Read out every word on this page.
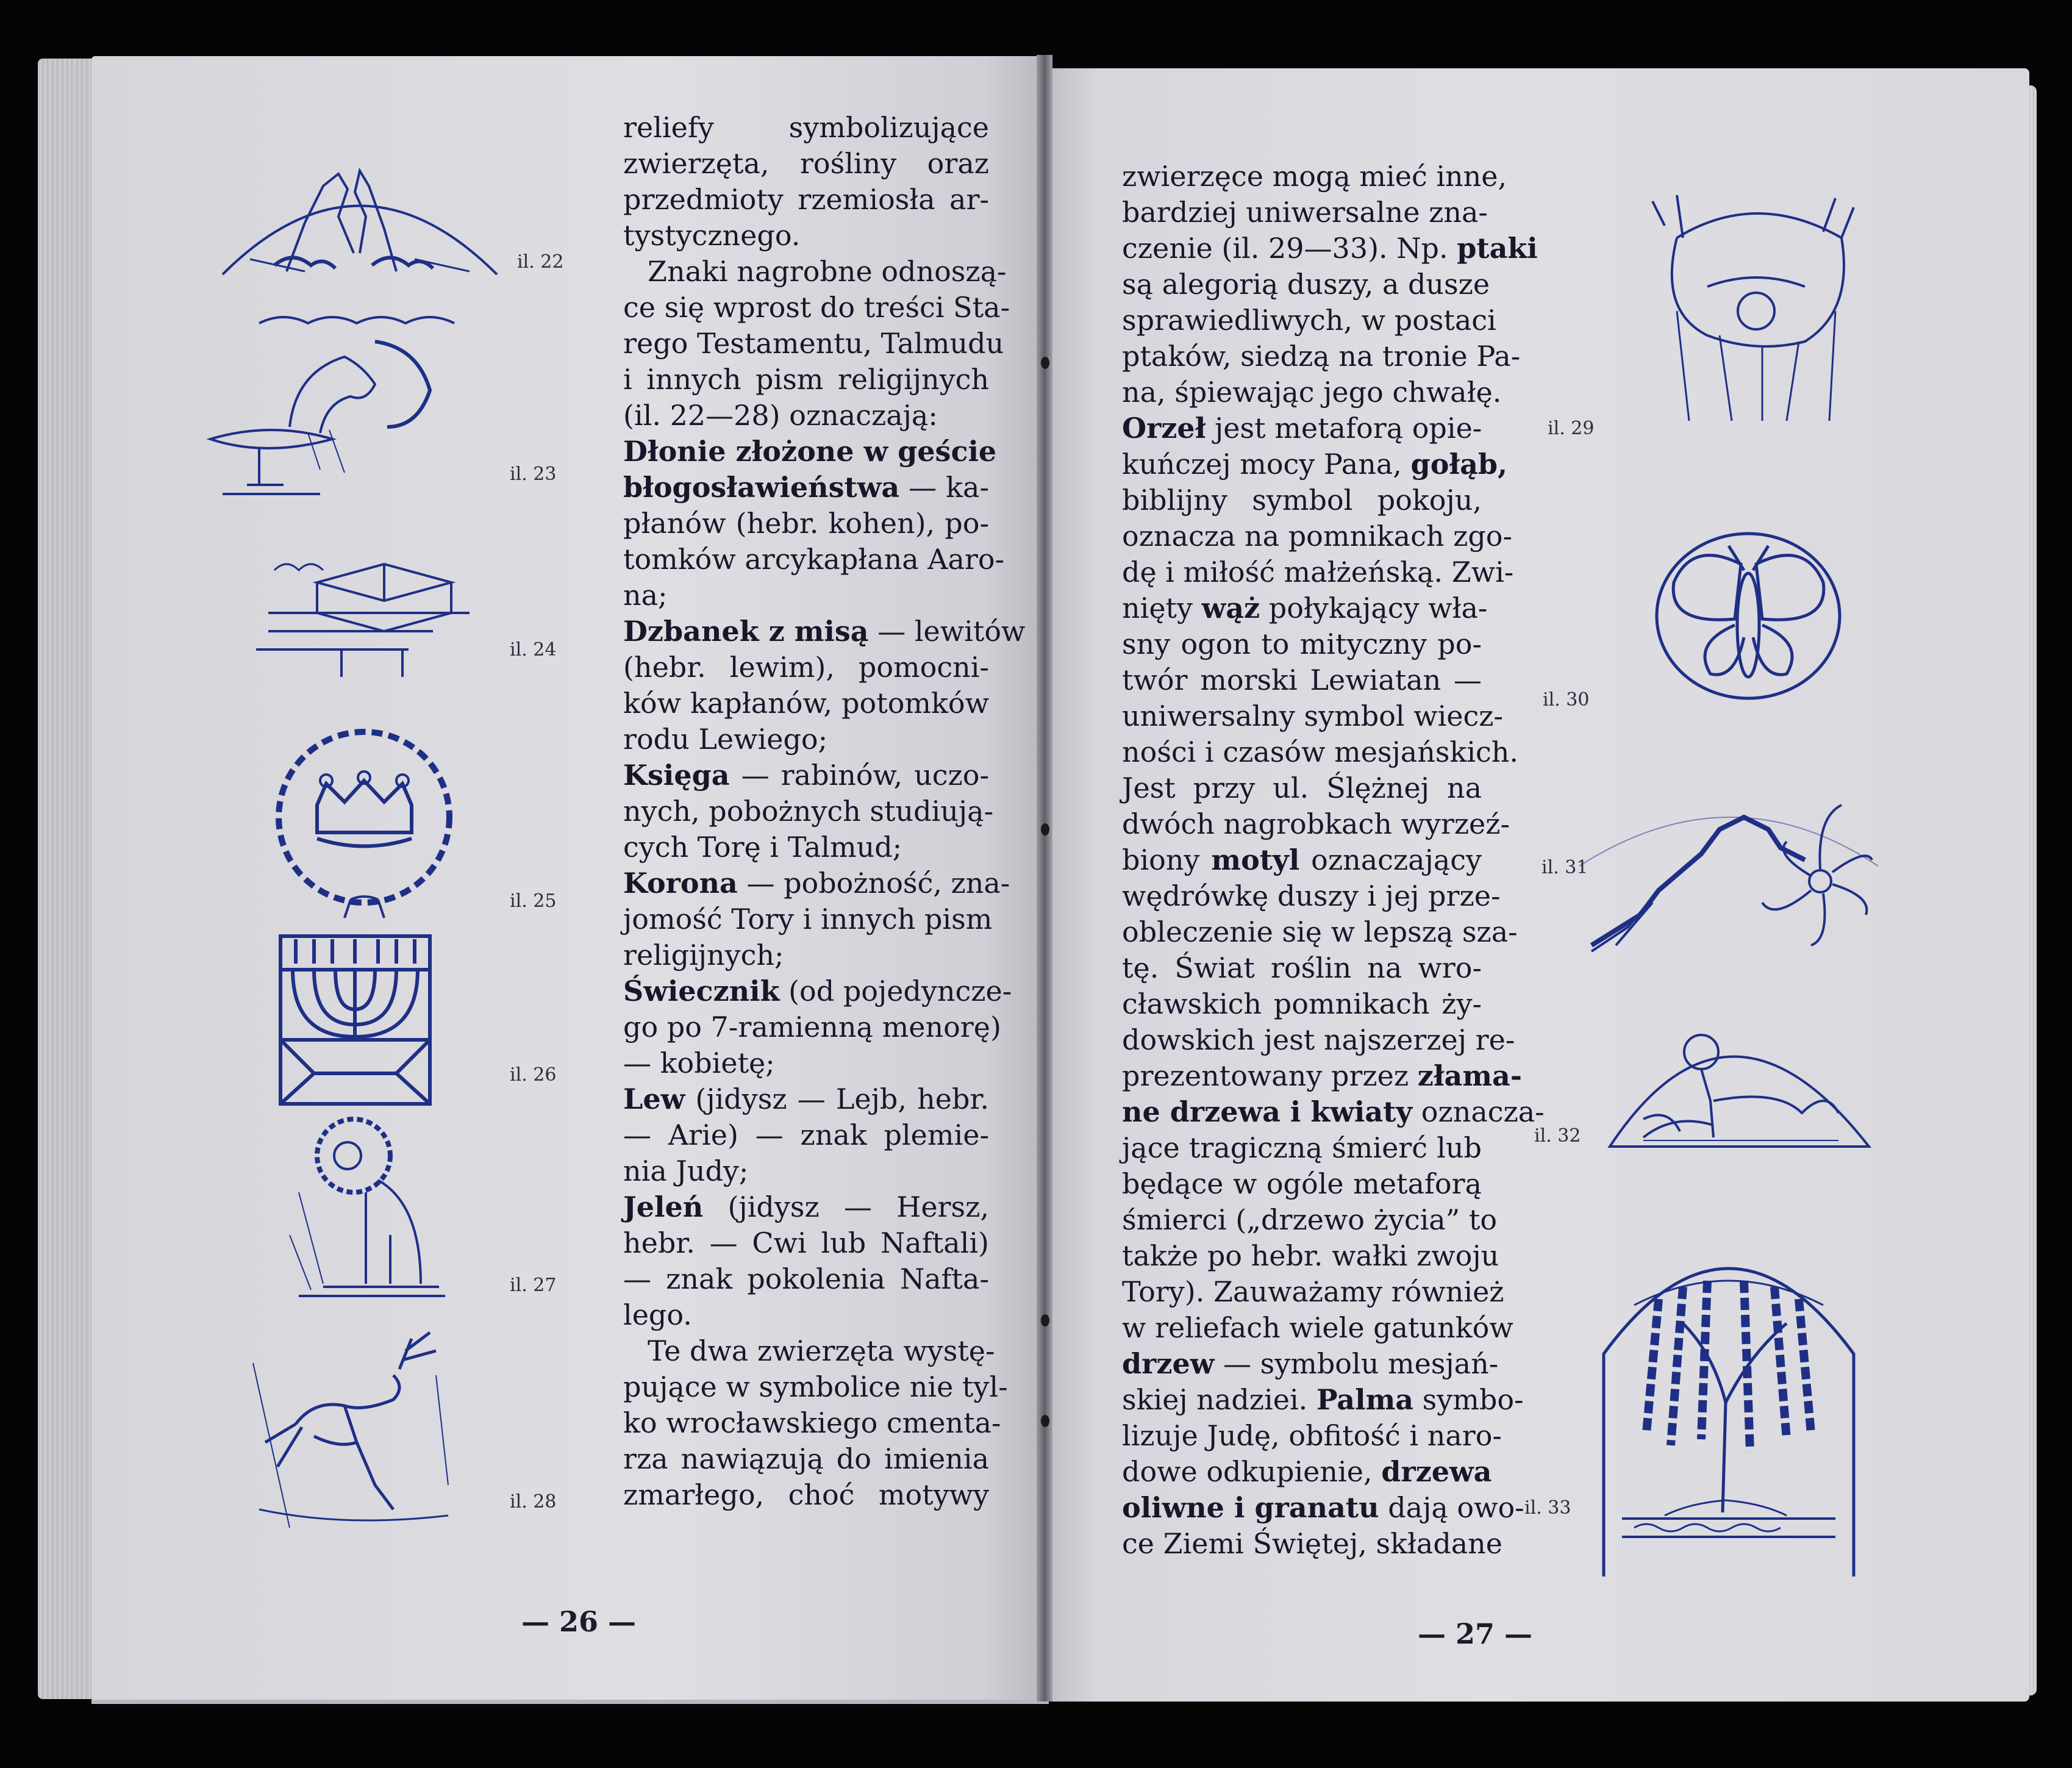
il. 22
il. 23
il. 24
il. 25
il. 26
il. 27
il. 28
reliefy symbolizujące
zwierzęta, rośliny oraz
przedmioty rzemiosła ar-
tystycznego.
Znaki nagrobne odnoszą-
ce się wprost do treści Sta-
rego Testamentu, Talmudu
i innych pism religijnych
(il. 22—28) oznaczają:
Dłonie złożone w geście
błogosławieństwa — ka-
płanów (hebr. kohen), po-
tomków arcykapłana Aaro-
na;
Dzbanek z misą — lewitów
(hebr. lewim), pomocni-
ków kapłanów, potomków
rodu Lewiego;
Księga — rabinów, uczo-
nych, pobożnych studiują-
cych Torę i Talmud;
Korona — pobożność, zna-
jomość Tory i innych pism
religijnych;
Świecznik (od pojedyncze-
go po 7-ramienną menorę)
— kobietę;
Lew (jidysz — Lejb, hebr.
— Arie) — znak plemie-
nia Judy;
Jeleń (jidysz — Hersz,
hebr. — Cwi lub Naftali)
— znak pokolenia Nafta-
lego.
Te dwa zwierzęta wystę-
pujące w symbolice nie tyl-
ko wrocławskiego cmenta-
rza nawiązują do imienia
zmarłego, choć motywy
— 26 —
zwierzęce mogą mieć inne,
bardziej uniwersalne zna-
czenie (il. 29—33). Np. ptaki
są alegorią duszy, a dusze
sprawiedliwych, w postaci
ptaków, siedzą na tronie Pa-
na, śpiewając jego chwałę.
Orzeł jest metaforą opie-
kuńczej mocy Pana, gołąb,
biblijny symbol pokoju,
oznacza na pomnikach zgo-
dę i miłość małżeńską. Zwi-
nięty wąż połykający wła-
sny ogon to mityczny po-
twór morski Lewiatan —
uniwersalny symbol wiecz-
ności i czasów mesjańskich.
Jest przy ul. Ślężnej na
dwóch nagrobkach wyrzeź-
biony motyl oznaczający
wędrówkę duszy i jej prze-
obleczenie się w lepszą sza-
tę. Świat roślin na wro-
cławskich pomnikach ży-
dowskich jest najszerzej re-
prezentowany przez złama-
ne drzewa i kwiaty oznacza-
jące tragiczną śmierć lub
będące w ogóle metaforą
śmierci („drzewo życia” to
także po hebr. wałki zwoju
Tory). Zauważamy również
w reliefach wiele gatunków
drzew — symbolu mesjań-
skiej nadziei. Palma symbo-
lizuje Judę, obfitość i naro-
dowe odkupienie, drzewa
oliwne i granatu dają owo-
ce Ziemi Świętej, składane
— 27 —
il. 29
il. 30
il. 31
il. 32
il. 33
